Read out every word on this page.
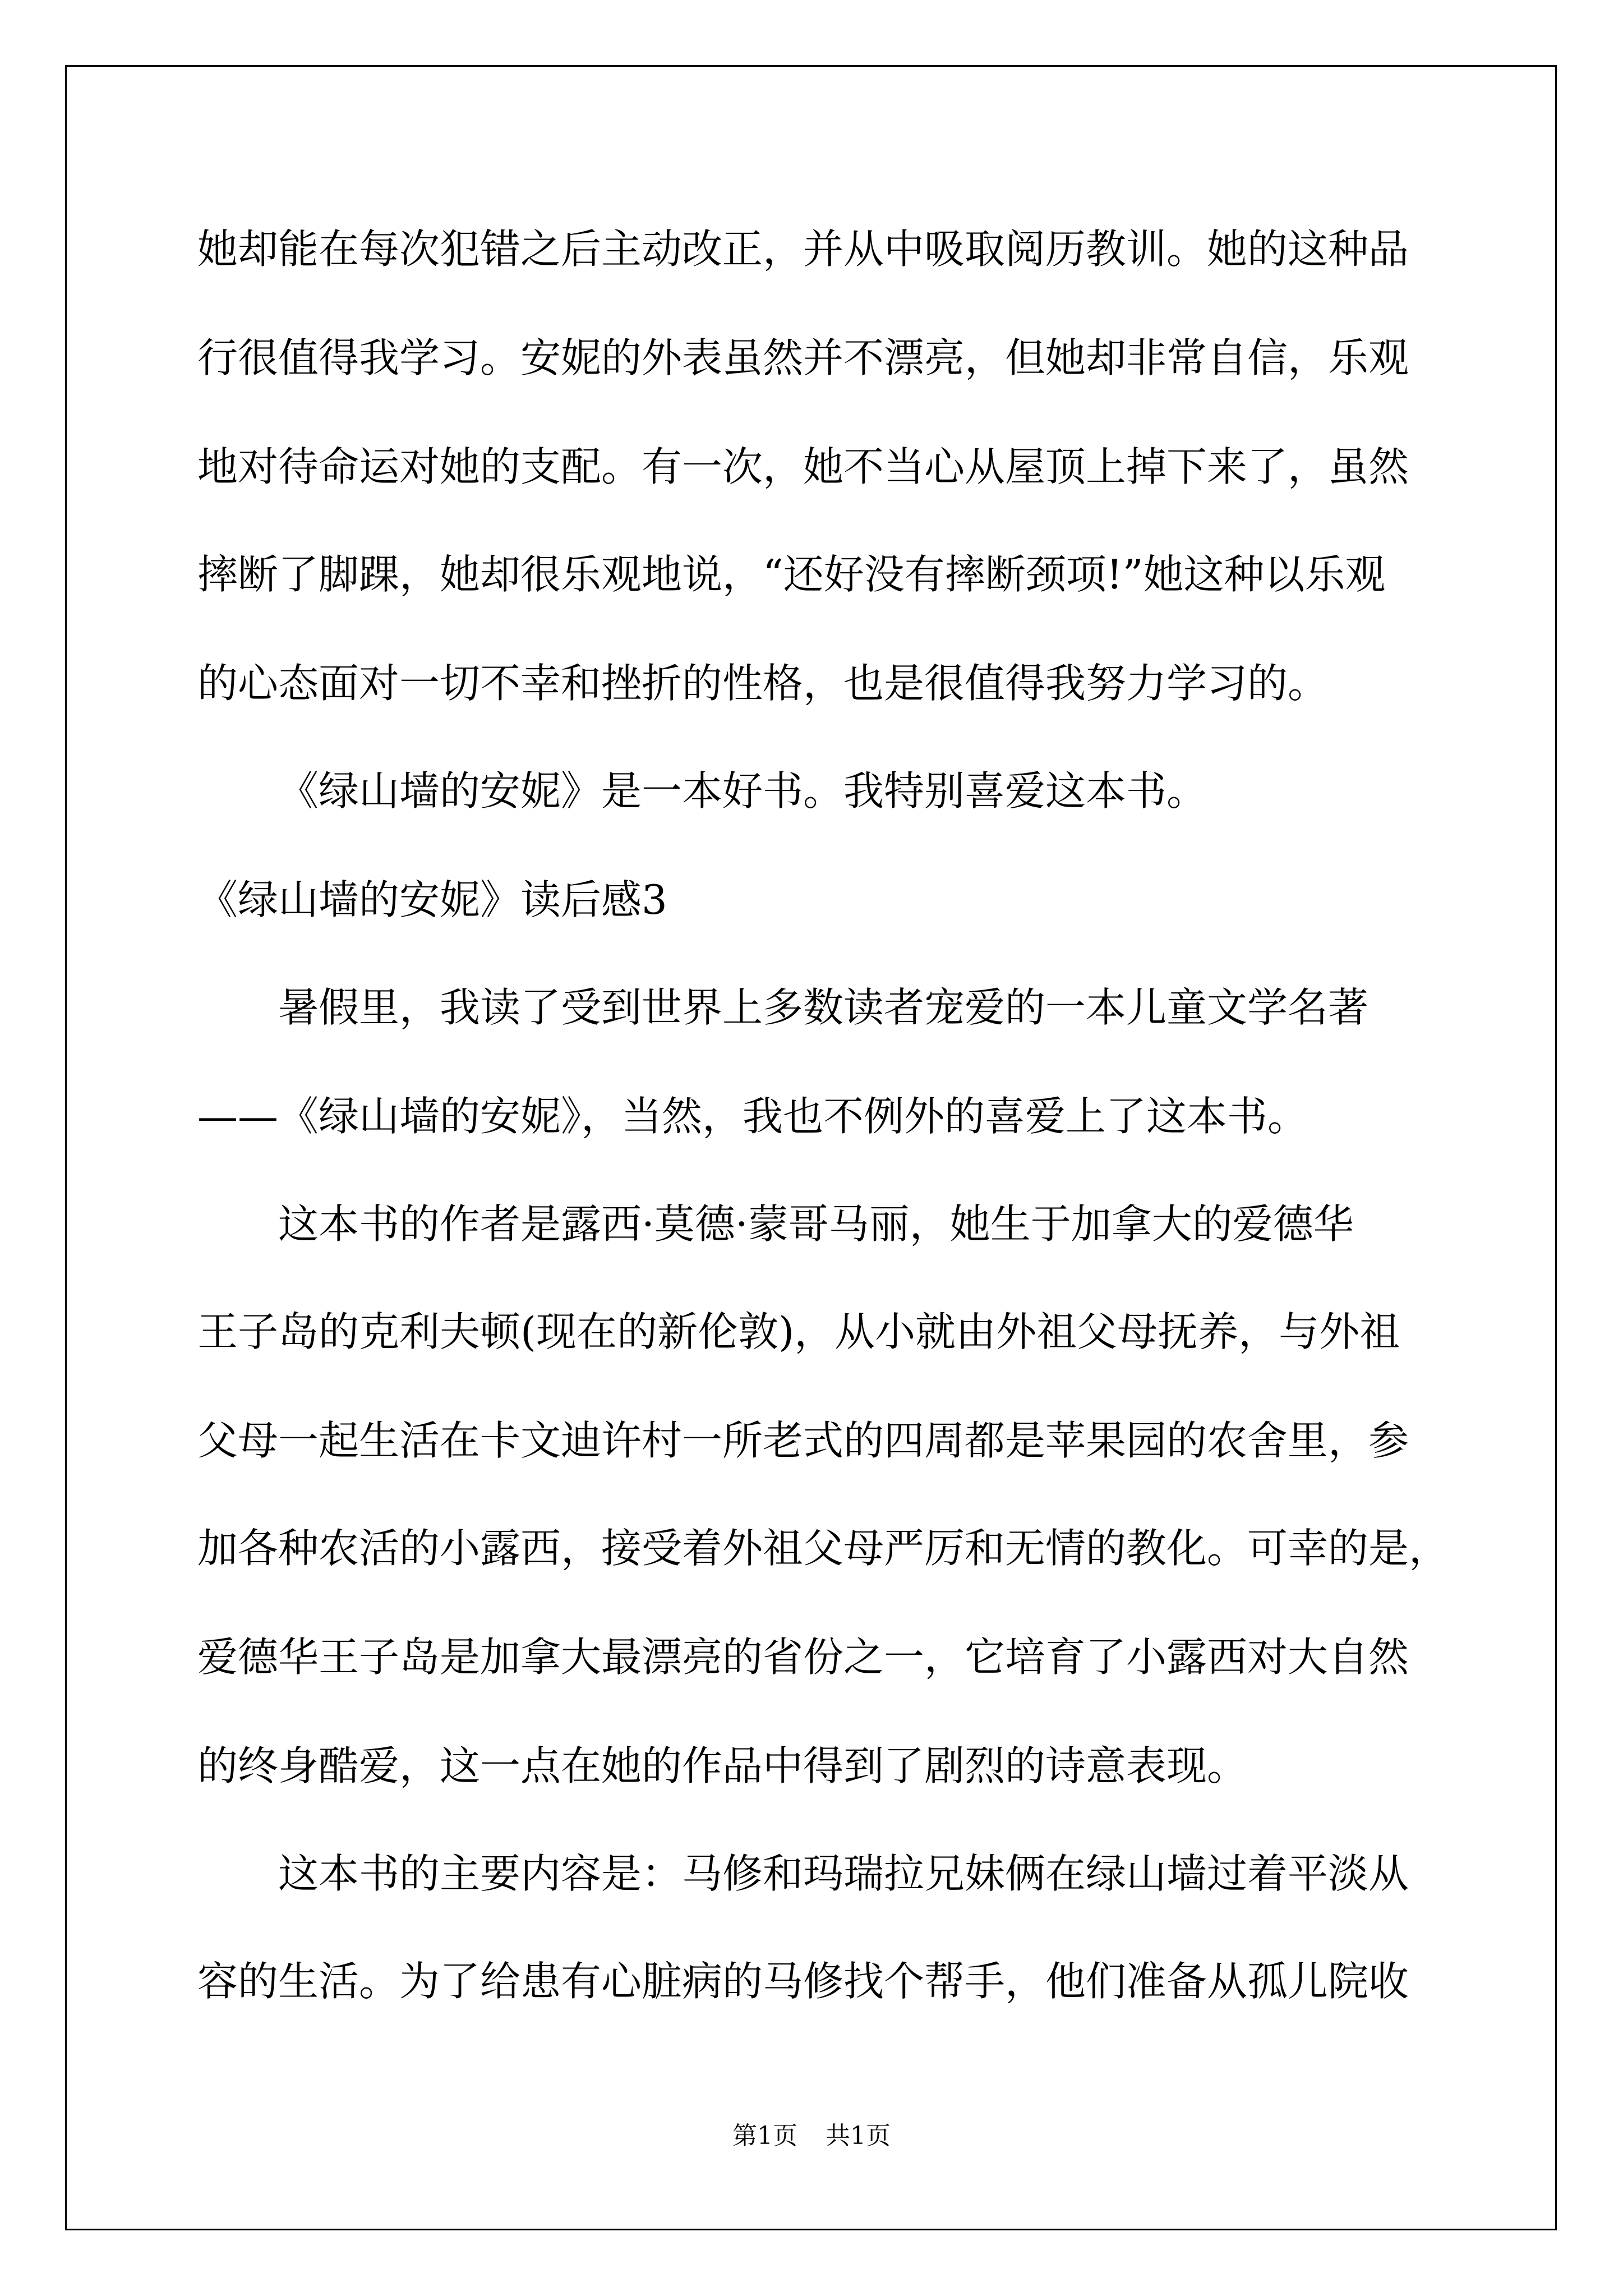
她却能在每次犯错之后主动改正，并从中吸取阅历教训。她的这种品
行很值得我学习。安妮的外表虽然并不漂亮，但她却非常自信，乐观
地对待命运对她的支配。有一次，她不当心从屋顶上掉下来了，虽然
摔断了脚踝，她却很乐观地说，“还好没有摔断颈项!”她这种以乐观
的心态面对一切不幸和挫折的性格，也是很值得我努力学习的。
《绿山墙的安妮》是一本好书。我特别喜爱这本书。
《绿山墙的安妮》读后感3
暑假里，我读了受到世界上多数读者宠爱的一本儿童文学名著
——《绿山墙的安妮》，当然，我也不例外的喜爱上了这本书。
这本书的作者是露西·莫德·蒙哥马丽，她生于加拿大的爱德华
王子岛的克利夫顿(现在的新伦敦)，从小就由外祖父母抚养，与外祖
父母一起生活在卡文迪许村一所老式的四周都是苹果园的农舍里，参
加各种农活的小露西，接受着外祖父母严厉和无情的教化。可幸的是，
爱德华王子岛是加拿大最漂亮的省份之一，它培育了小露西对大自然
的终身酷爱，这一点在她的作品中得到了剧烈的诗意表现。
这本书的主要内容是：马修和玛瑞拉兄妹俩在绿山墙过着平淡从
容的生活。为了给患有心脏病的马修找个帮手，他们准备从孤儿院收
第1页 共1页
